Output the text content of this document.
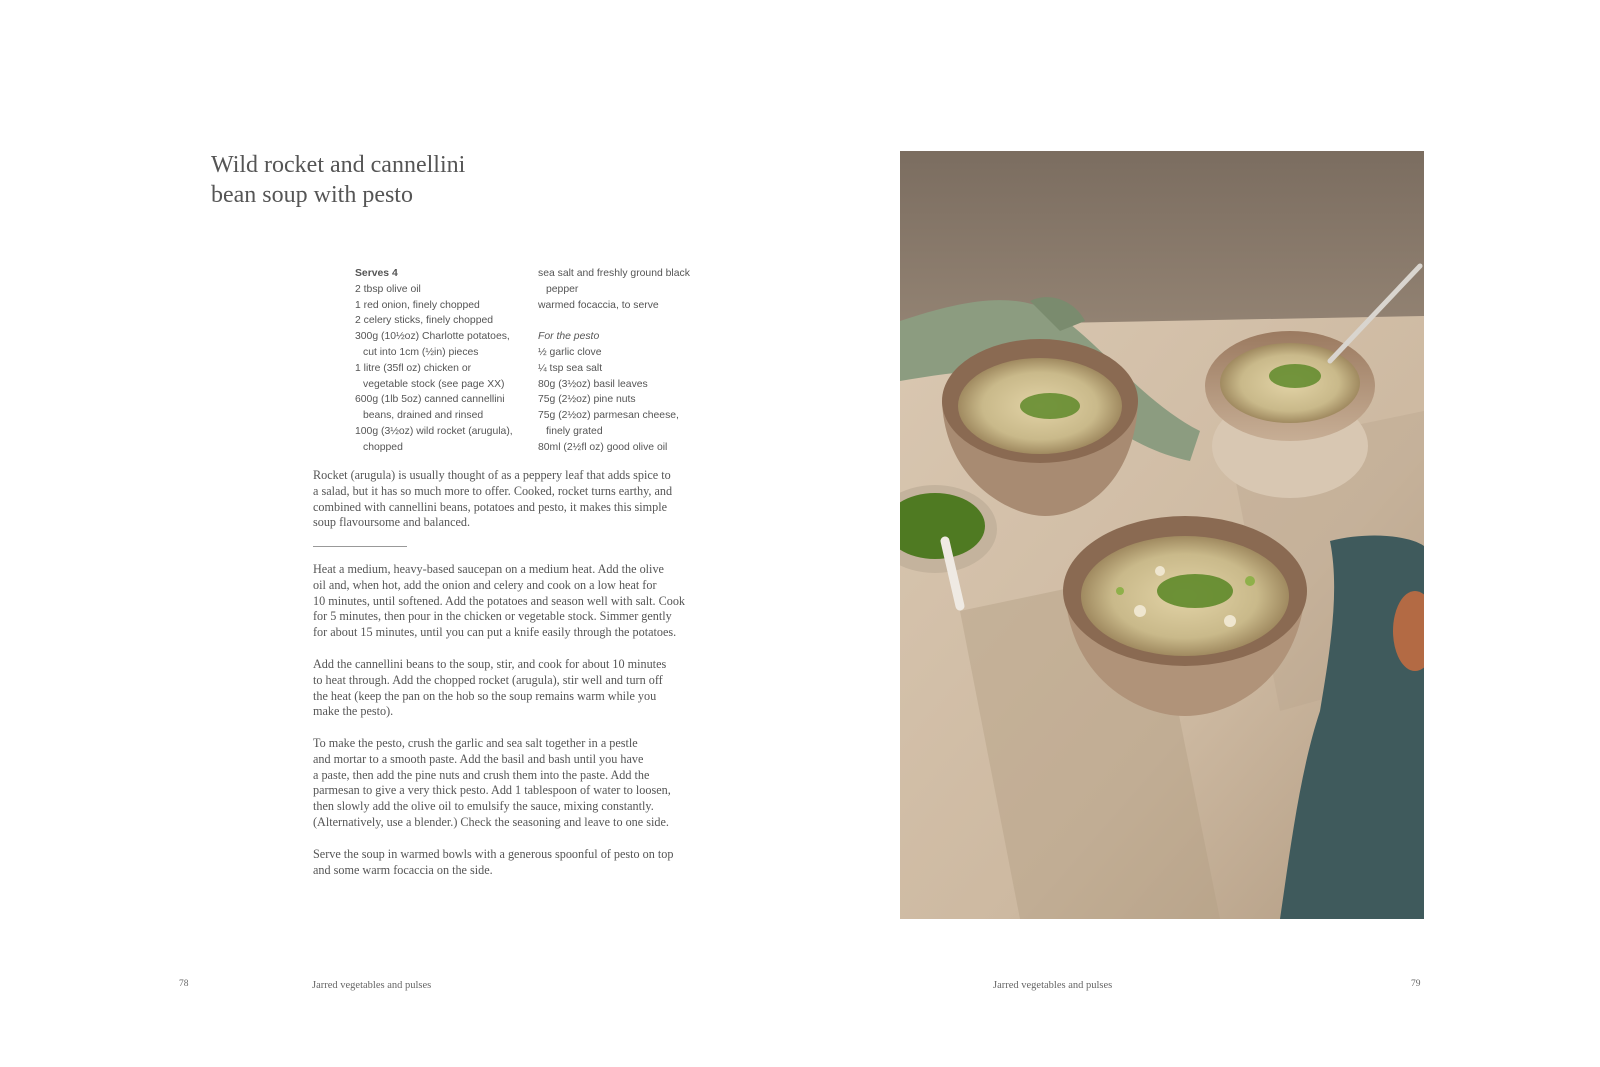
Wild rocket and cannellini
bean soup with pesto
Serves 4
2 tbsp olive oil
1 red onion, finely chopped
2 celery sticks, finely chopped
300g (10½oz) Charlotte potatoes,
cut into 1cm (½in) pieces
1 litre (35fl oz) chicken or
vegetable stock (see page XX)
600g (1lb 5oz) canned cannellini
beans, drained and rinsed
100g (3½oz) wild rocket (arugula),
chopped
sea salt and freshly ground black
pepper
warmed focaccia, to serve
For the pesto
½ garlic clove
¼ tsp sea salt
80g (3½oz) basil leaves
75g (2½oz) pine nuts
75g (2½oz) parmesan cheese,
finely grated
80ml (2½fl oz) good olive oil

Rocket (arugula) is usually thought of as a peppery leaf that adds spice to
a salad, but it has so much more to offer. Cooked, rocket turns earthy, and
combined with cannellini beans, potatoes and pesto, it makes this simple
soup flavoursome and balanced.

Heat a medium, heavy-based saucepan on a medium heat. Add the olive
oil and, when hot, add the onion and celery and cook on a low heat for
10 minutes, until softened. Add the potatoes and season well with salt. Cook
for 5 minutes, then pour in the chicken or vegetable stock. Simmer gently
for about 15 minutes, until you can put a knife easily through the potatoes.

Add the cannellini beans to the soup, stir, and cook for about 10 minutes
to heat through. Add the chopped rocket (arugula), stir well and turn off
the heat (keep the pan on the hob so the soup remains warm while you
make the pesto).

To make the pesto, crush the garlic and sea salt together in a pestle
and mortar to a smooth paste. Add the basil and bash until you have
a paste, then add the pine nuts and crush them into the paste. Add the
parmesan to give a very thick pesto. Add 1 tablespoon of water to loosen,
then slowly add the olive oil to emulsify the sauce, mixing constantly.
(Alternatively, use a blender.) Check the seasoning and leave to one side.

Serve the soup in warmed bowls with a generous spoonful of pesto on top
and some warm focaccia on the side.

78	Jarred vegetables and pulses	Jarred vegetables and pulses	79
